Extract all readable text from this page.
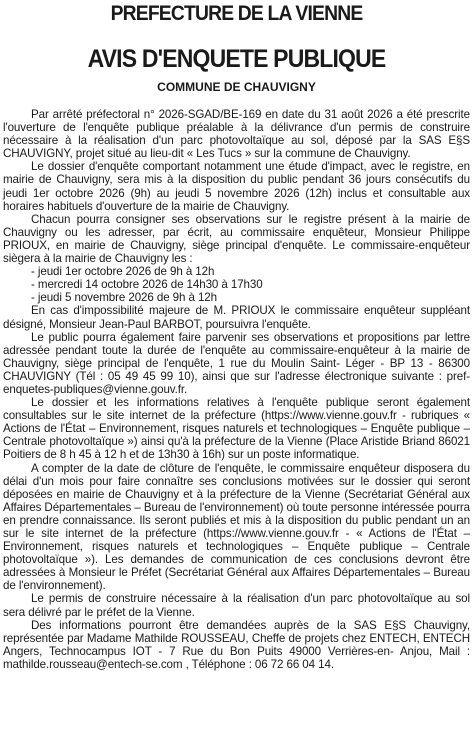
PREFECTURE DE LA VIENNE
AVIS D'ENQUETE PUBLIQUE
COMMUNE DE CHAUVIGNY

Par arrêté préfectoral n° 2026-SGAD/BE-169 en date du 31 août 2026 a été prescrite l'ouverture de l'enquête publique préalable à la délivrance d'un permis de construire nécessaire à la réalisation d'un parc photovoltaïque au sol, déposé par la SAS E§S CHAUVIGNY, projet situé au lieu-dit « Les Tucs » sur la commune de Chauvigny.

Le dossier d'enquête comportant notamment une étude d'impact, avec le registre, en mairie de Chauvigny, sera mis à la disposition du public pendant 36 jours consécutifs du jeudi 1er octobre 2026 (9h) au jeudi 5 novembre 2026 (12h) inclus et consultable aux horaires habituels d'ouverture de la mairie de Chauvigny.

Chacun pourra consigner ses observations sur le registre présent à la mairie de Chauvigny ou les adresser, par écrit, au commissaire enquêteur, Monsieur Philippe PRIOUX, en mairie de Chauvigny, siège principal d'enquête. Le commissaire-enquêteur siègera à la mairie de Chauvigny les :

- jeudi 1er octobre 2026 de 9h à 12h

- mercredi 14 octobre 2026 de 14h30 à 17h30

- jeudi 5 novembre 2026 de 9h à 12h

En cas d'impossibilité majeure de M. PRIOUX le commissaire enquêteur suppléant désigné, Monsieur Jean-Paul BARBOT, poursuivra l'enquête.

Le public pourra également faire parvenir ses observations et propositions par lettre adressée pendant toute la durée de l'enquête au commissaire-enquêteur à la mairie de Chauvigny, siège principal de l'enquête, 1 rue du Moulin Saint- Léger - BP 13 - 86300 CHAUVIGNY (Tél : 05 49 45 99 10), ainsi que sur l'adresse électronique suivante : pref-enquetes-publiques@vienne.gouv.fr.

Le dossier et les informations relatives à l'enquête publique seront également consultables sur le site internet de la préfecture (https://www.vienne.gouv.fr - rubriques « Actions de l'État – Environnement, risques naturels et technologiques – Enquête publique – Centrale photovoltaïque ») ainsi qu'à la préfecture de la Vienne (Place Aristide Briand 86021 Poitiers de 8 h 45 à 12 h et de 13h30 à 16h) sur un poste informatique.

A compter de la date de clôture de l'enquête, le commissaire enquêteur disposera du délai d'un mois pour faire connaître ses conclusions motivées sur le dossier qui seront déposées en mairie de Chauvigny et à la préfecture de la Vienne (Secrétariat Général aux Affaires Départementales – Bureau de l'environnement) où toute personne intéressée pourra en prendre connaissance. Ils seront publiés et mis à la disposition du public pendant un an sur le site internet de la préfecture (https://www.vienne.gouv.fr - « Actions de l'État – Environnement, risques naturels et technologiques – Enquête publique – Centrale photovoltaïque »). Les demandes de communication de ces conclusions devront être adressées à Monsieur le Préfet (Secrétariat Général aux Affaires Départementales – Bureau de l'environnement).

Le permis de construire nécessaire à la réalisation d'un parc photovoltaïque au sol sera délivré par le préfet de la Vienne.

Des informations pourront être demandées auprès de la SAS E§S Chauvigny, représentée par Madame Mathilde ROUSSEAU, Cheffe de projets chez ENTECH, ENTECH Angers, Technocampus IOT - 7 Rue du Bon Puits 49000 Verrières-en- Anjou, Mail : mathilde.rousseau@entech-se.com , Téléphone : 06 72 66 04 14.
